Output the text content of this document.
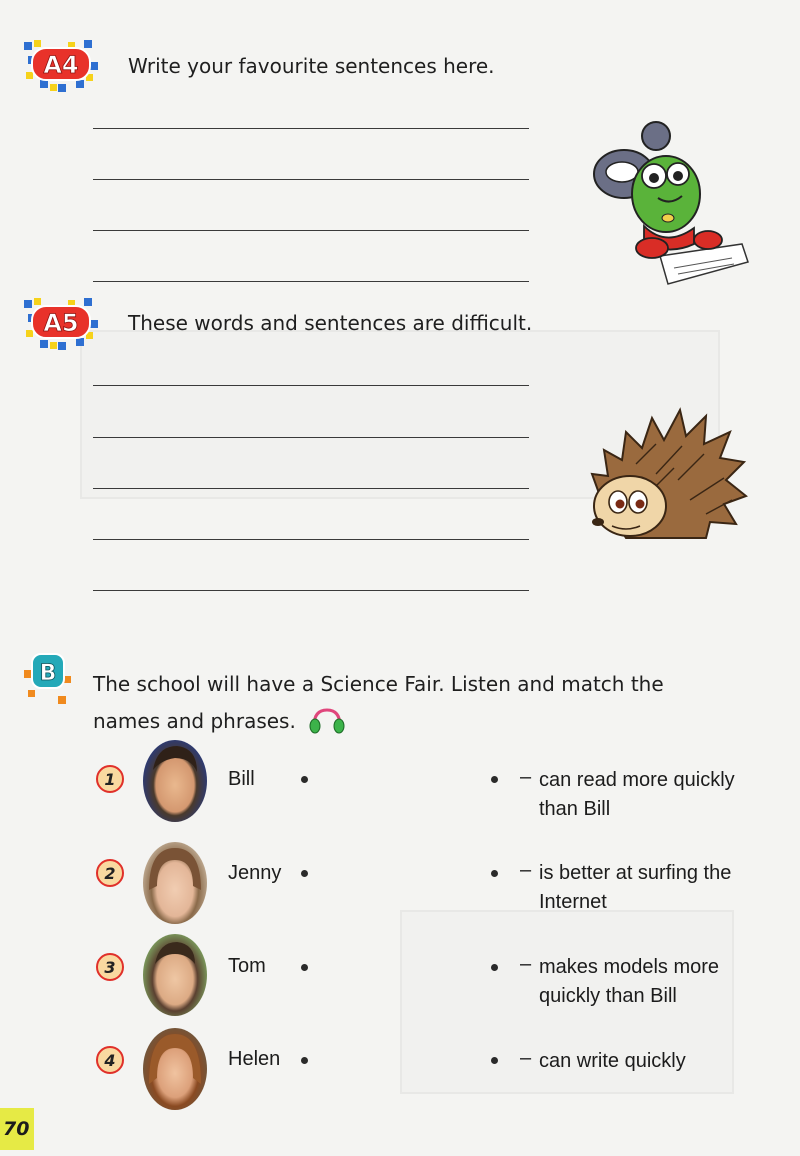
A4 Write your favourite sentences here.
A5 These words and sentences are difficult.
B The school will have a Science Fair. Listen and match the names and phrases.
1	Bill	– can read more quickly than Bill
2	Jenny	– is better at surfing the Internet
3	Tom	– makes models more quickly than Bill
4	Helen	– can write quickly
70
